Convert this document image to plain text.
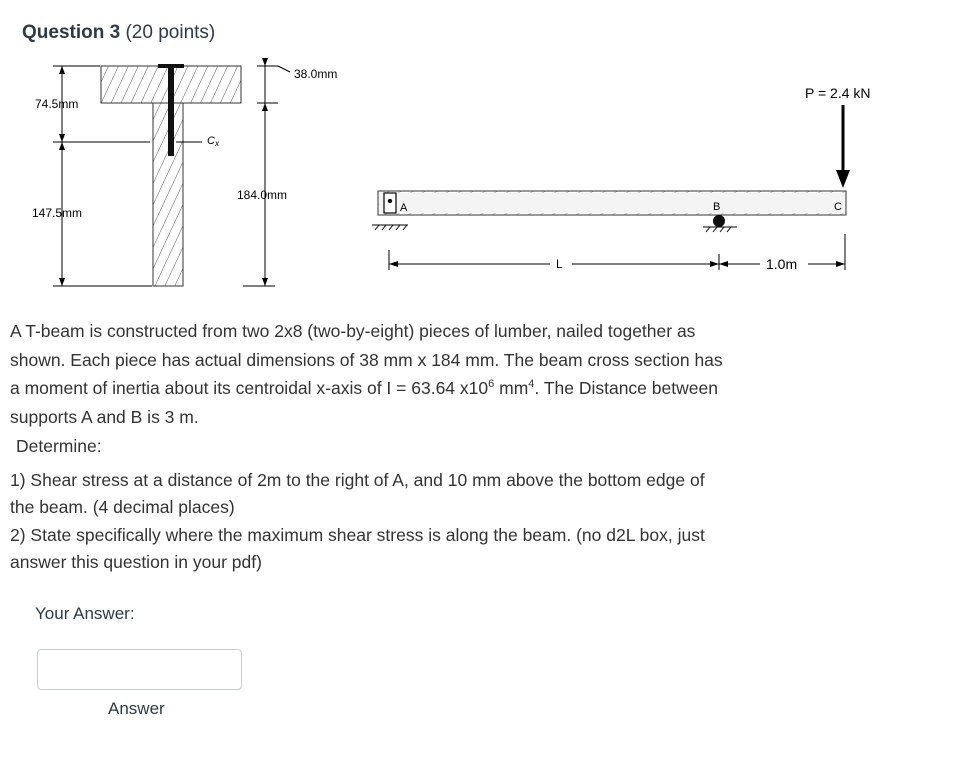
Question 3 (20 points)
38.0mm
74.5mm
147.5mm
184.0mm
Cx
A	B	C
P = 2.4 kN
L	1.0m

A T-beam is constructed from two 2x8 (two-by-eight) pieces of lumber, nailed together as shown. Each piece has actual dimensions of 38 mm x 184 mm. The beam cross section has a moment of inertia about its centroidal x-axis of I = 63.64 $x10^6$ $mm^4$. The Distance between supports A and B is 3 m.

Determine:

1) Shear stress at a distance of 2m to the right of A, and 10 mm above the bottom edge of the beam. (4 decimal places)

2) State specifically where the maximum shear stress is along the beam. (no d2L box, just answer this question in your pdf)

Your Answer:
Answer
